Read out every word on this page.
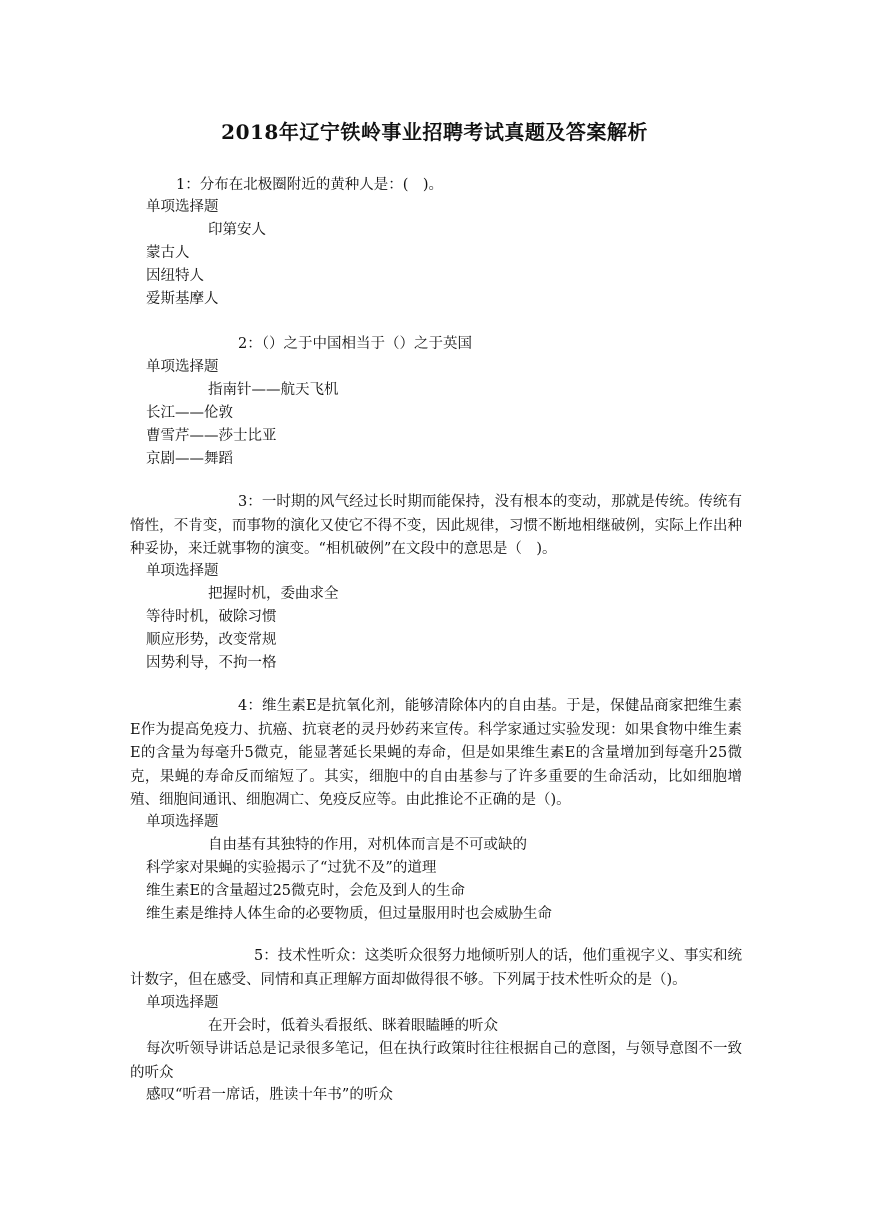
2018年辽宁铁岭事业招聘考试真题及答案解析
1：分布在北极圈附近的黄种人是：(　)。
单项选择题
印第安人
蒙古人
因纽特人
爱斯基摩人
2：（）之于中国相当于（）之于英国
单项选择题
指南针——航天飞机
长江——伦敦
曹雪芹——莎士比亚
京剧——舞蹈
3：一时期的风气经过长时期而能保持，没有根本的变动，那就是传统。传统有惰性，不肯变，而事物的演化又使它不得不变，因此规律，习惯不断地相继破例，实际上作出种种妥协，来迁就事物的演变。“相机破例”在文段中的意思是（　)。
单项选择题
把握时机，委曲求全
等待时机，破除习惯
顺应形势，改变常规
因势利导，不拘一格
4：维生素E是抗氧化剂，能够清除体内的自由基。于是，保健品商家把维生素E作为提高免疫力、抗癌、抗衰老的灵丹妙药来宣传。科学家通过实验发现：如果食物中维生素E的含量为每毫升5微克，能显著延长果蝇的寿命，但是如果维生素E的含量增加到每毫升25微克，果蝇的寿命反而缩短了。其实，细胞中的自由基参与了许多重要的生命活动，比如细胞增殖、细胞间通讯、细胞凋亡、免疫反应等。由此推论不正确的是（)。
单项选择题
自由基有其独特的作用，对机体而言是不可或缺的
科学家对果蝇的实验揭示了“过犹不及”的道理
维生素E的含量超过25微克时，会危及到人的生命
维生素是维持人体生命的必要物质，但过量服用时也会威胁生命
5：技术性听众：这类听众很努力地倾听别人的话，他们重视字义、事实和统计数字，但在感受、同情和真正理解方面却做得很不够。下列属于技术性听众的是（)。
单项选择题
在开会时，低着头看报纸、眯着眼瞌睡的听众
每次听领导讲话总是记录很多笔记，但在执行政策时往往根据自己的意图，与领导意图不一致的听众
感叹“听君一席话，胜读十年书”的听众
